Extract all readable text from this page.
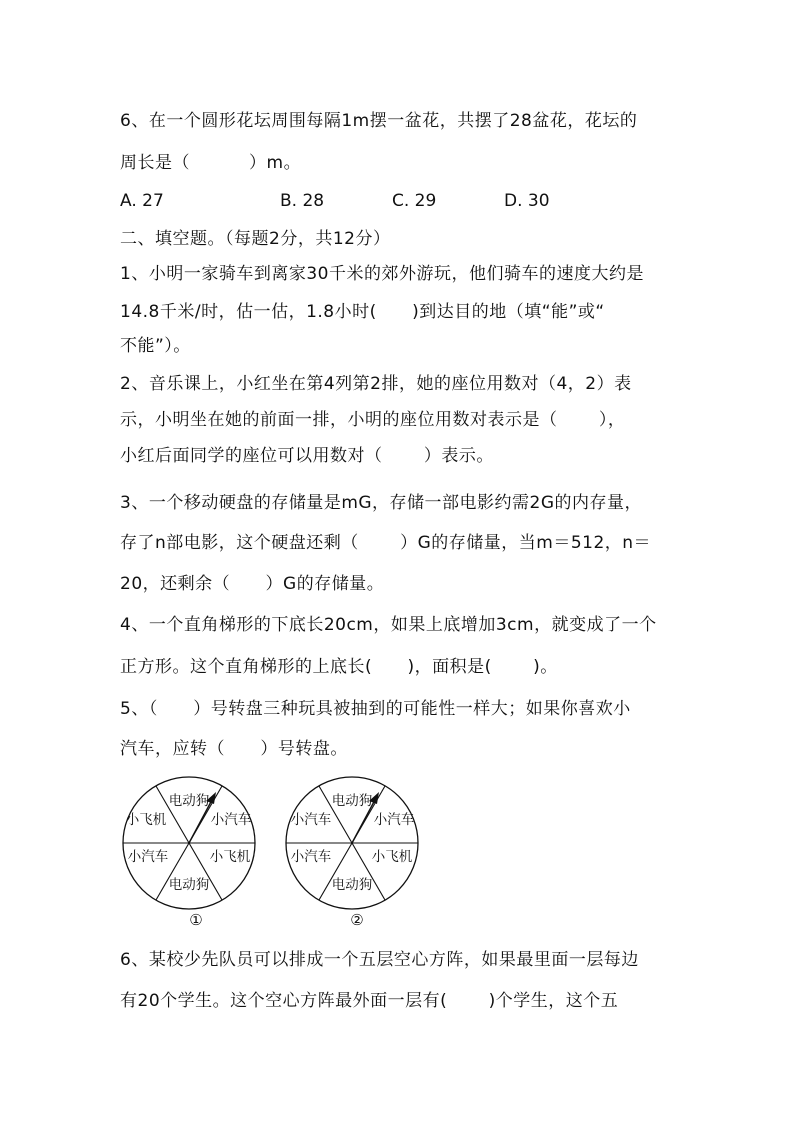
6、在一个圆形花坛周围每隔1m摆一盆花，共摆了28盆花，花坛的
周长是（          ）m。
A. 27	B. 28	C. 29	D. 30
二、填空题。（每题2分，共12分）
1、小明一家骑车到离家30千米的郊外游玩，他们骑车的速度大约是
14.8千米/时，估一估，1.8小时(      )到达目的地（填“能”或“
不能”）。
2、音乐课上，小红坐在第4列第2排，她的座位用数对（4，2）表
示，小明坐在她的前面一排，小明的座位用数对表示是（       ），
小红后面同学的座位可以用数对（       ）表示。
3、一个移动硬盘的存储量是mG，存储一部电影约需2G的内存量，
存了n部电影，这个硬盘还剩（       ）G的存储量，当m＝512，n＝
20，还剩余（      ）G的存储量。
4、一个直角梯形的下底长20cm，如果上底增加3cm，就变成了一个
正方形。这个直角梯形的上底长(      )，面积是(       )。
5、（      ）号转盘三种玩具被抽到的可能性一样大；如果你喜欢小
汽车，应转（      ）号转盘。
电动狗
小汽车
小飞机
电动狗
小汽车	小飞机
①
电动狗
小汽车
小飞机
电动狗
小汽车
小汽车
②
6、某校少先队员可以排成一个五层空心方阵，如果最里面一层每边
有20个学生。这个空心方阵最外面一层有(       )个学生，这个五
